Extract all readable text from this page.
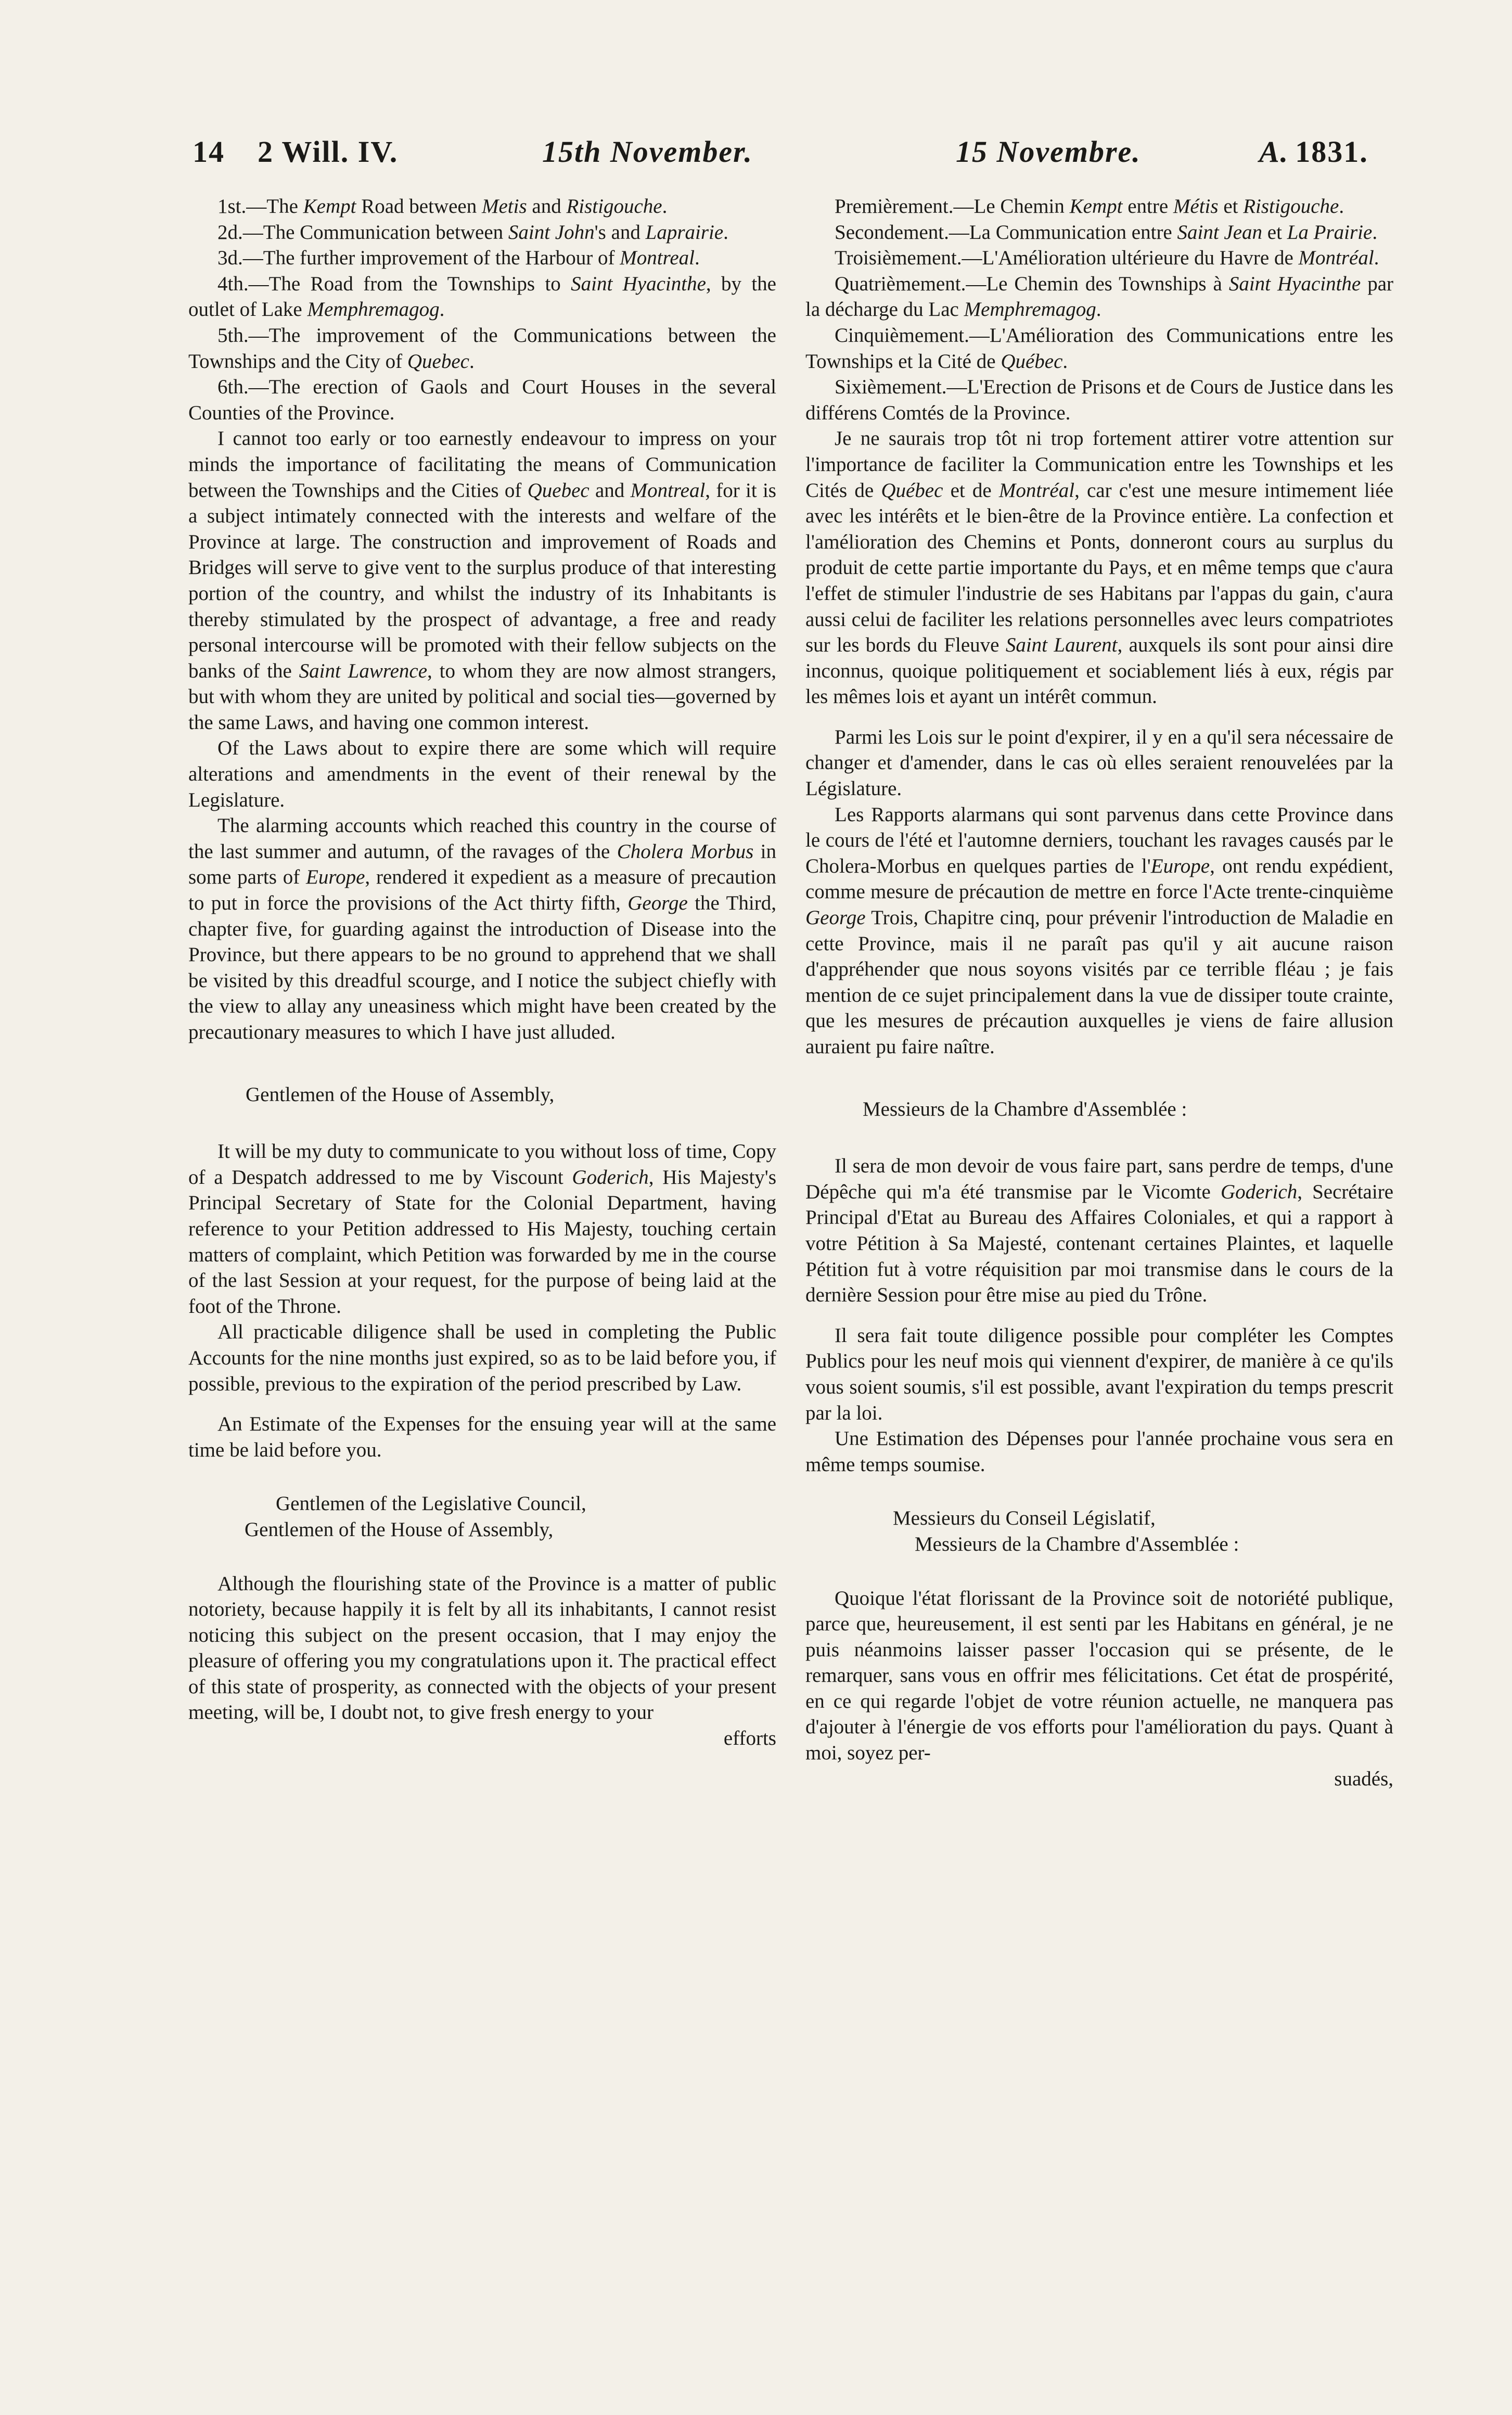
14 2 Will. IV.	15th November.	15 Novembre.	A. 1831.

1st.—The Kempt Road between Metis and Ristigouche.

2d.—The Communication between Saint John's and Laprairie.

3d.—The further improvement of the Harbour of Montreal.

4th.—The Road from the Townships to Saint Hyacinthe, by the outlet of Lake Memphremagog.

5th.—The improvement of the Communications between the Townships and the City of Quebec.

6th.—The erection of Gaols and Court Houses in the several Counties of the Province.

I cannot too early or too earnestly endeavour to impress on your minds the importance of facilitating the means of Communication between the Townships and the Cities of Quebec and Montreal, for it is a subject intimately connected with the interests and welfare of the Province at large. The construction and improvement of Roads and Bridges will serve to give vent to the surplus produce of that interesting portion of the country, and whilst the industry of its Inhabitants is thereby stimulated by the prospect of advantage, a free and ready personal intercourse will be promoted with their fellow subjects on the banks of the Saint Lawrence, to whom they are now almost strangers, but with whom they are united by political and social ties—governed by the same Laws, and having one common interest.

Of the Laws about to expire there are some which will require alterations and amendments in the event of their renewal by the Legislature.

The alarming accounts which reached this country in the course of the last summer and autumn, of the ravages of the Cholera Morbus in some parts of Europe, rendered it expedient as a measure of precaution to put in force the provisions of the Act thirty fifth, George the Third, chapter five, for guarding against the introduction of Disease into the Province, but there appears to be no ground to apprehend that we shall be visited by this dreadful scourge, and I notice the subject chiefly with the view to allay any uneasiness which might have been created by the precautionary measures to which I have just alluded.

Gentlemen of the House of Assembly,

It will be my duty to communicate to you without loss of time, Copy of a Despatch addressed to me by Viscount Goderich, His Majesty's Principal Secretary of State for the Colonial Department, having reference to your Petition addressed to His Majesty, touching certain matters of complaint, which Petition was forwarded by me in the course of the last Session at your request, for the purpose of being laid at the foot of the Throne.

All practicable diligence shall be used in completing the Public Accounts for the nine months just expired, so as to be laid before you, if possible, previous to the expiration of the period prescribed by Law.

An Estimate of the Expenses for the ensuing year will at the same time be laid before you.

Gentlemen of the Legislative Council,

Gentlemen of the House of Assembly,

Although the flourishing state of the Province is a matter of public notoriety, because happily it is felt by all its inhabitants, I cannot resist noticing this subject on the present occasion, that I may enjoy the pleasure of offering you my congratulations upon it. The practical effect of this state of prosperity, as connected with the objects of your present meeting, will be, I doubt not, to give fresh energy to your

efforts

Premièrement.—Le Chemin Kempt entre Métis et Ristigouche.

Secondement.—La Communication entre Saint Jean et La Prairie.

Troisièmement.—L'Amélioration ultérieure du Havre de Montréal.

Quatrièmement.—Le Chemin des Townships à Saint Hyacinthe par la décharge du Lac Memphremagog.

Cinquièmement.—L'Amélioration des Communications entre les Townships et la Cité de Québec.

Sixièmement.—L'Erection de Prisons et de Cours de Justice dans les différens Comtés de la Province.

Je ne saurais trop tôt ni trop fortement attirer votre attention sur l'importance de faciliter la Communication entre les Townships et les Cités de Québec et de Montréal, car c'est une mesure intimement liée avec les intérêts et le bien-être de la Province entière. La confection et l'amélioration des Chemins et Ponts, donneront cours au surplus du produit de cette partie importante du Pays, et en même temps que c'aura l'effet de stimuler l'industrie de ses Habitans par l'appas du gain, c'aura aussi celui de faciliter les relations personnelles avec leurs compatriotes sur les bords du Fleuve Saint Laurent, auxquels ils sont pour ainsi dire inconnus, quoique politiquement et sociablement liés à eux, régis par les mêmes lois et ayant un intérêt commun.

Parmi les Lois sur le point d'expirer, il y en a qu'il sera nécessaire de changer et d'amender, dans le cas où elles seraient renouvelées par la Législature.

Les Rapports alarmans qui sont parvenus dans cette Province dans le cours de l'été et l'automne derniers, touchant les ravages causés par le Cholera-Morbus en quelques parties de l'Europe, ont rendu expédient, comme mesure de précaution de mettre en force l'Acte trente-cinquième George Trois, Chapitre cinq, pour prévenir l'introduction de Maladie en cette Province, mais il ne paraît pas qu'il y ait aucune raison d'appréhender que nous soyons visités par ce terrible fléau ; je fais mention de ce sujet principalement dans la vue de dissiper toute crainte, que les mesures de précaution auxquelles je viens de faire allusion auraient pu faire naître.

Messieurs de la Chambre d'Assemblée :

Il sera de mon devoir de vous faire part, sans perdre de temps, d'une Dépêche qui m'a été transmise par le Vicomte Goderich, Secrétaire Principal d'Etat au Bureau des Affaires Coloniales, et qui a rapport à votre Pétition à Sa Majesté, contenant certaines Plaintes, et laquelle Pétition fut à votre réquisition par moi transmise dans le cours de la dernière Session pour être mise au pied du Trône.

Il sera fait toute diligence possible pour compléter les Comptes Publics pour les neuf mois qui viennent d'expirer, de manière à ce qu'ils vous soient soumis, s'il est possible, avant l'expiration du temps prescrit par la loi.

Une Estimation des Dépenses pour l'année prochaine vous sera en même temps soumise.

Messieurs du Conseil Législatif,

Messieurs de la Chambre d'Assemblée :

Quoique l'état florissant de la Province soit de notoriété publique, parce que, heureusement, il est senti par les Habitans en général, je ne puis néanmoins laisser passer l'occasion qui se présente, de le remarquer, sans vous en offrir mes félicitations. Cet état de prospérité, en ce qui regarde l'objet de votre réunion actuelle, ne manquera pas d'ajouter à l'énergie de vos efforts pour l'amélioration du pays. Quant à moi, soyez per-

suadés,
